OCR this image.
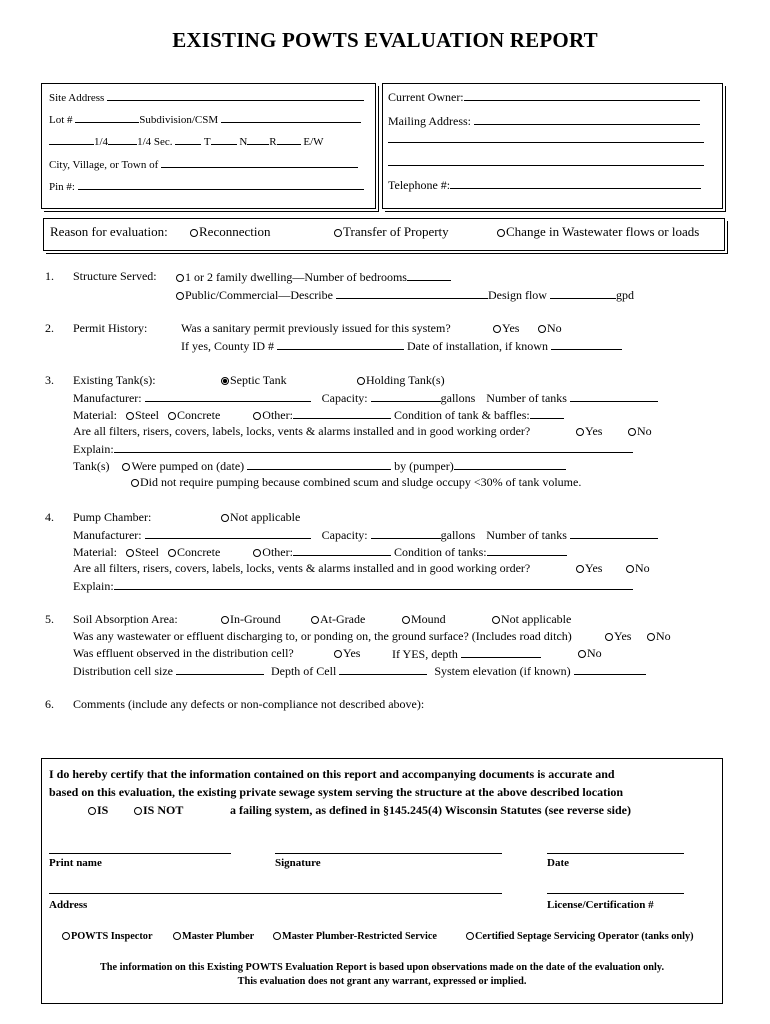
EXISTING POWTS EVALUATION REPORT
Site Address
Lot #	Subdivision/CSM
1/4	1/4 Sec.	T	N R E/W
City, Village, or Town of
Pin #:
Current Owner:
Mailing Address:
Telephone #:
Reason for evaluation:	Reconnection	Transfer of Property	Change in Wastewater flows or loads
1. Structure Served:	1 or 2 family dwelling—Number of bedrooms
Public/Commercial—Describe	Design flow	gpd
2. Permit History:	Was a sanitary permit previously issued for this system?	Yes	No
If yes, County ID #	Date of installation, if known
3. Existing Tank(s):	Septic Tank	Holding Tank(s)
Manufacturer:	Capacity:	gallons Number of tanks
Material: Steel Concrete	Other:	Condition of tank & baffles:
Are all filters, risers, covers, labels, locks, vents & alarms installed and in good working order?	Yes	No
Explain:
Tank(s) Were pumped on (date)	by (pumper)
Did not require pumping because combined scum and sludge occupy <30% of tank volume.
4. Pump Chamber:	Not applicable
Manufacturer:	Capacity:	gallons Number of tanks
Material: Steel Concrete	Other:	Condition of tanks:
Are all filters, risers, covers, labels, locks, vents & alarms installed and in good working order?	Yes	No
Explain:
5. Soil Absorption Area:	In-Ground	At-Grade	Mound	Not applicable
Was any wastewater or effluent discharging to, or ponding on, the ground surface? (Includes road ditch)	Yes	No
Was effluent observed in the distribution cell?	Yes	If YES, depth	No
Distribution cell size	Depth of Cell	System elevation (if known)
6. Comments (include any defects or non-compliance not described above):
I do hereby certify that the information contained on this report and accompanying documents is accurate and
based on this evaluation, the existing private sewage system serving the structure at the above described location
IS	IS NOT	a failing system, as defined in §145.245(4) Wisconsin Statutes (see reverse side)
Print name	Signature	Date
Address	License/Certification #
POWTS Inspector	Master Plumber	Master Plumber-Restricted Service	Certified Septage Servicing Operator (tanks only)
The information on this Existing POWTS Evaluation Report is based upon observations made on the date of the evaluation only.
This evaluation does not grant any warrant, expressed or implied.
